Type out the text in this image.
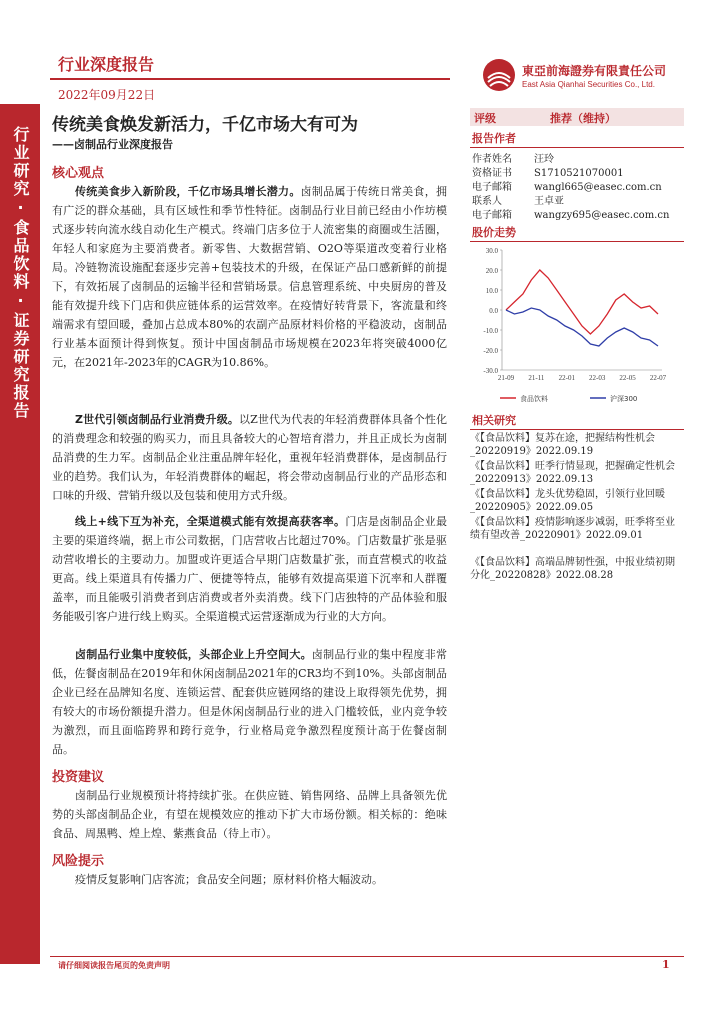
行业深度报告
2022年09月22日
東亞前海證券有限責任公司
East Asia Qianhai Securities Co., Ltd.
行业研究·食品饮料·证券研究报告
传统美食焕发新活力，千亿市场大有可为
——卤制品行业深度报告
核心观点
传统美食步入新阶段，千亿市场具增长潜力。卤制品属于传统日常美食，拥有广泛的群众基础，具有区域性和季节性特征。卤制品行业目前已经由小作坊模式逐步转向流水线自动化生产模式。终端门店多位于人流密集的商圈或生活圈，年轻人和家庭为主要消费者。新零售、大数据营销、O2O等渠道改变着行业格局。冷链物流设施配套逐步完善+包装技术的升级，在保证产品口感新鲜的前提下，有效拓展了卤制品的运输半径和营销场景。信息管理系统、中央厨房的普及能有效提升线下门店和供应链体系的运营效率。在疫情好转背景下，客流量和终端需求有望回暖，叠加占总成本80%的农副产品原材料价格的平稳波动，卤制品行业基本面预计得到恢复。预计中国卤制品市场规模在2023年将突破4000亿元，在2021年-2023年的CAGR为10.86%。
Z世代引领卤制品行业消费升级。以Z世代为代表的年轻消费群体具备个性化的消费理念和较强的购买力，而且具备较大的心智培育潜力，并且正成长为卤制品消费的生力军。卤制品企业注重品牌年轻化，重视年轻消费群体，是卤制品行业的趋势。我们认为，年轻消费群体的崛起，将会带动卤制品行业的产品形态和口味的升级、营销升级以及包装和使用方式升级。
线上+线下互为补充，全渠道模式能有效提高获客率。门店是卤制品企业最主要的渠道终端，据上市公司数据，门店营收占比超过70%。门店数量扩张是驱动营收增长的主要动力。加盟或许更适合早期门店数量扩张，而直营模式的收益更高。线上渠道具有传播力广、便捷等特点，能够有效提高渠道下沉率和人群覆盖率，而且能吸引消费者到店消费或者外卖消费。线下门店独特的产品体验和服务能吸引客户进行线上购买。全渠道模式运营逐渐成为行业的大方向。
卤制品行业集中度较低，头部企业上升空间大。卤制品行业的集中程度非常低，佐餐卤制品在2019年和休闲卤制品2021年的CR3均不到10%。头部卤制品企业已经在品牌知名度、连锁运营、配套供应链网络的建设上取得领先优势，拥有较大的市场份额提升潜力。但是休闲卤制品行业的进入门槛较低，业内竞争较为激烈，而且面临跨界和跨行竞争，行业格局竞争激烈程度预计高于佐餐卤制品。
投资建议
卤制品行业规模预计将持续扩张。在供应链、销售网络、品牌上具备领先优势的头部卤制品企业，有望在规模效应的推动下扩大市场份额。相关标的：绝味食品、周黑鸭、煌上煌、紫燕食品（待上市）。
风险提示
疫情反复影响门店客流；食品安全问题；原材料价格大幅波动。
评级	推荐（维持）
报告作者
作者姓名 汪玲
资格证书 S1710521070001
电子邮箱 wangl665@easec.com.cn
联系人	王卓亚
电子邮箱 wangzy695@easec.com.cn
股价走势
30.0
20.0
10.0
0.0
-10.0
-20.0
-30.0
21-09 21-11 22-01 22-03 22-05 22-07
食品饮料	沪深300
相关研究
《【食品饮料】复苏在途，把握结构性机会_20220919》2022.09.19
《【食品饮料】旺季行情显现，把握确定性机会_20220913》2022.09.13
《【食品饮料】龙头优势稳固，引领行业回暖_20220905》2022.09.05
《【食品饮料】疫情影响逐步减弱，旺季将至业绩有望改善_20220901》2022.09.01
《【食品饮料】高端品牌韧性强，中报业绩初期分化_20220828》2022.08.28
请仔细阅读报告尾页的免责声明	1
